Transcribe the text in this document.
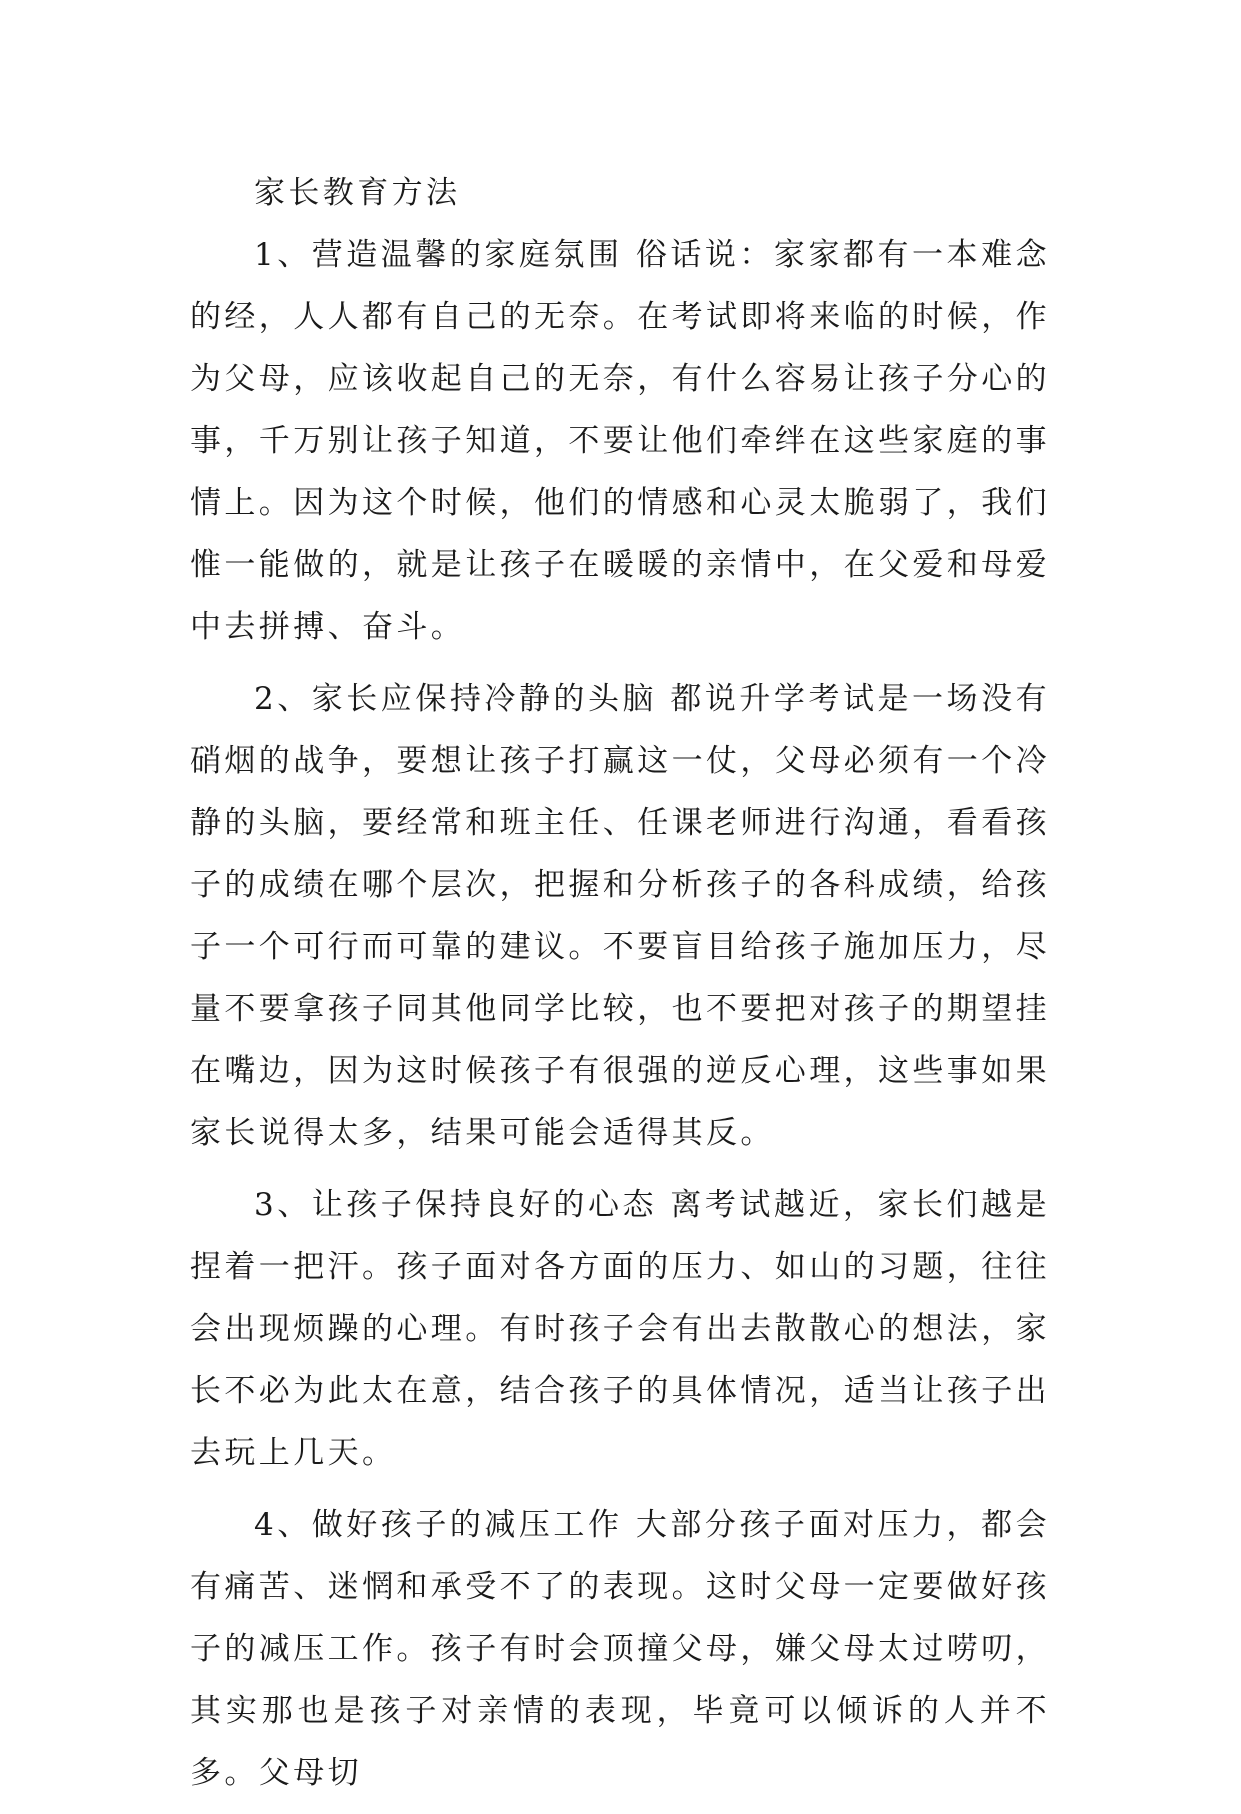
家长教育方法

1、营造温馨的家庭氛围 俗话说：家家都有一本难念的经，人人都有自己的无奈。在考试即将来临的时候，作为父母，应该收起自己的无奈，有什么容易让孩子分心的事，千万别让孩子知道，不要让他们牵绊在这些家庭的事情上。因为这个时候，他们的情感和心灵太脆弱了，我们惟一能做的，就是让孩子在暖暖的亲情中，在父爱和母爱中去拼搏、奋斗。

2、家长应保持冷静的头脑 都说升学考试是一场没有硝烟的战争，要想让孩子打赢这一仗，父母必须有一个冷静的头脑，要经常和班主任、任课老师进行沟通，看看孩子的成绩在哪个层次，把握和分析孩子的各科成绩，给孩子一个可行而可靠的建议。不要盲目给孩子施加压力，尽量不要拿孩子同其他同学比较，也不要把对孩子的期望挂在嘴边，因为这时候孩子有很强的逆反心理，这些事如果家长说得太多，结果可能会适得其反。

3、让孩子保持良好的心态 离考试越近，家长们越是捏着一把汗。孩子面对各方面的压力、如山的习题，往往会出现烦躁的心理。有时孩子会有出去散散心的想法，家长不必为此太在意，结合孩子的具体情况，适当让孩子出去玩上几天。

4、做好孩子的减压工作 大部分孩子面对压力，都会有痛苦、迷惘和承受不了的表现。这时父母一定要做好孩子的减压工作。孩子有时会顶撞父母，嫌父母太过唠叨，其实那也是孩子对亲情的表现，毕竟可以倾诉的人并不多。父母切
